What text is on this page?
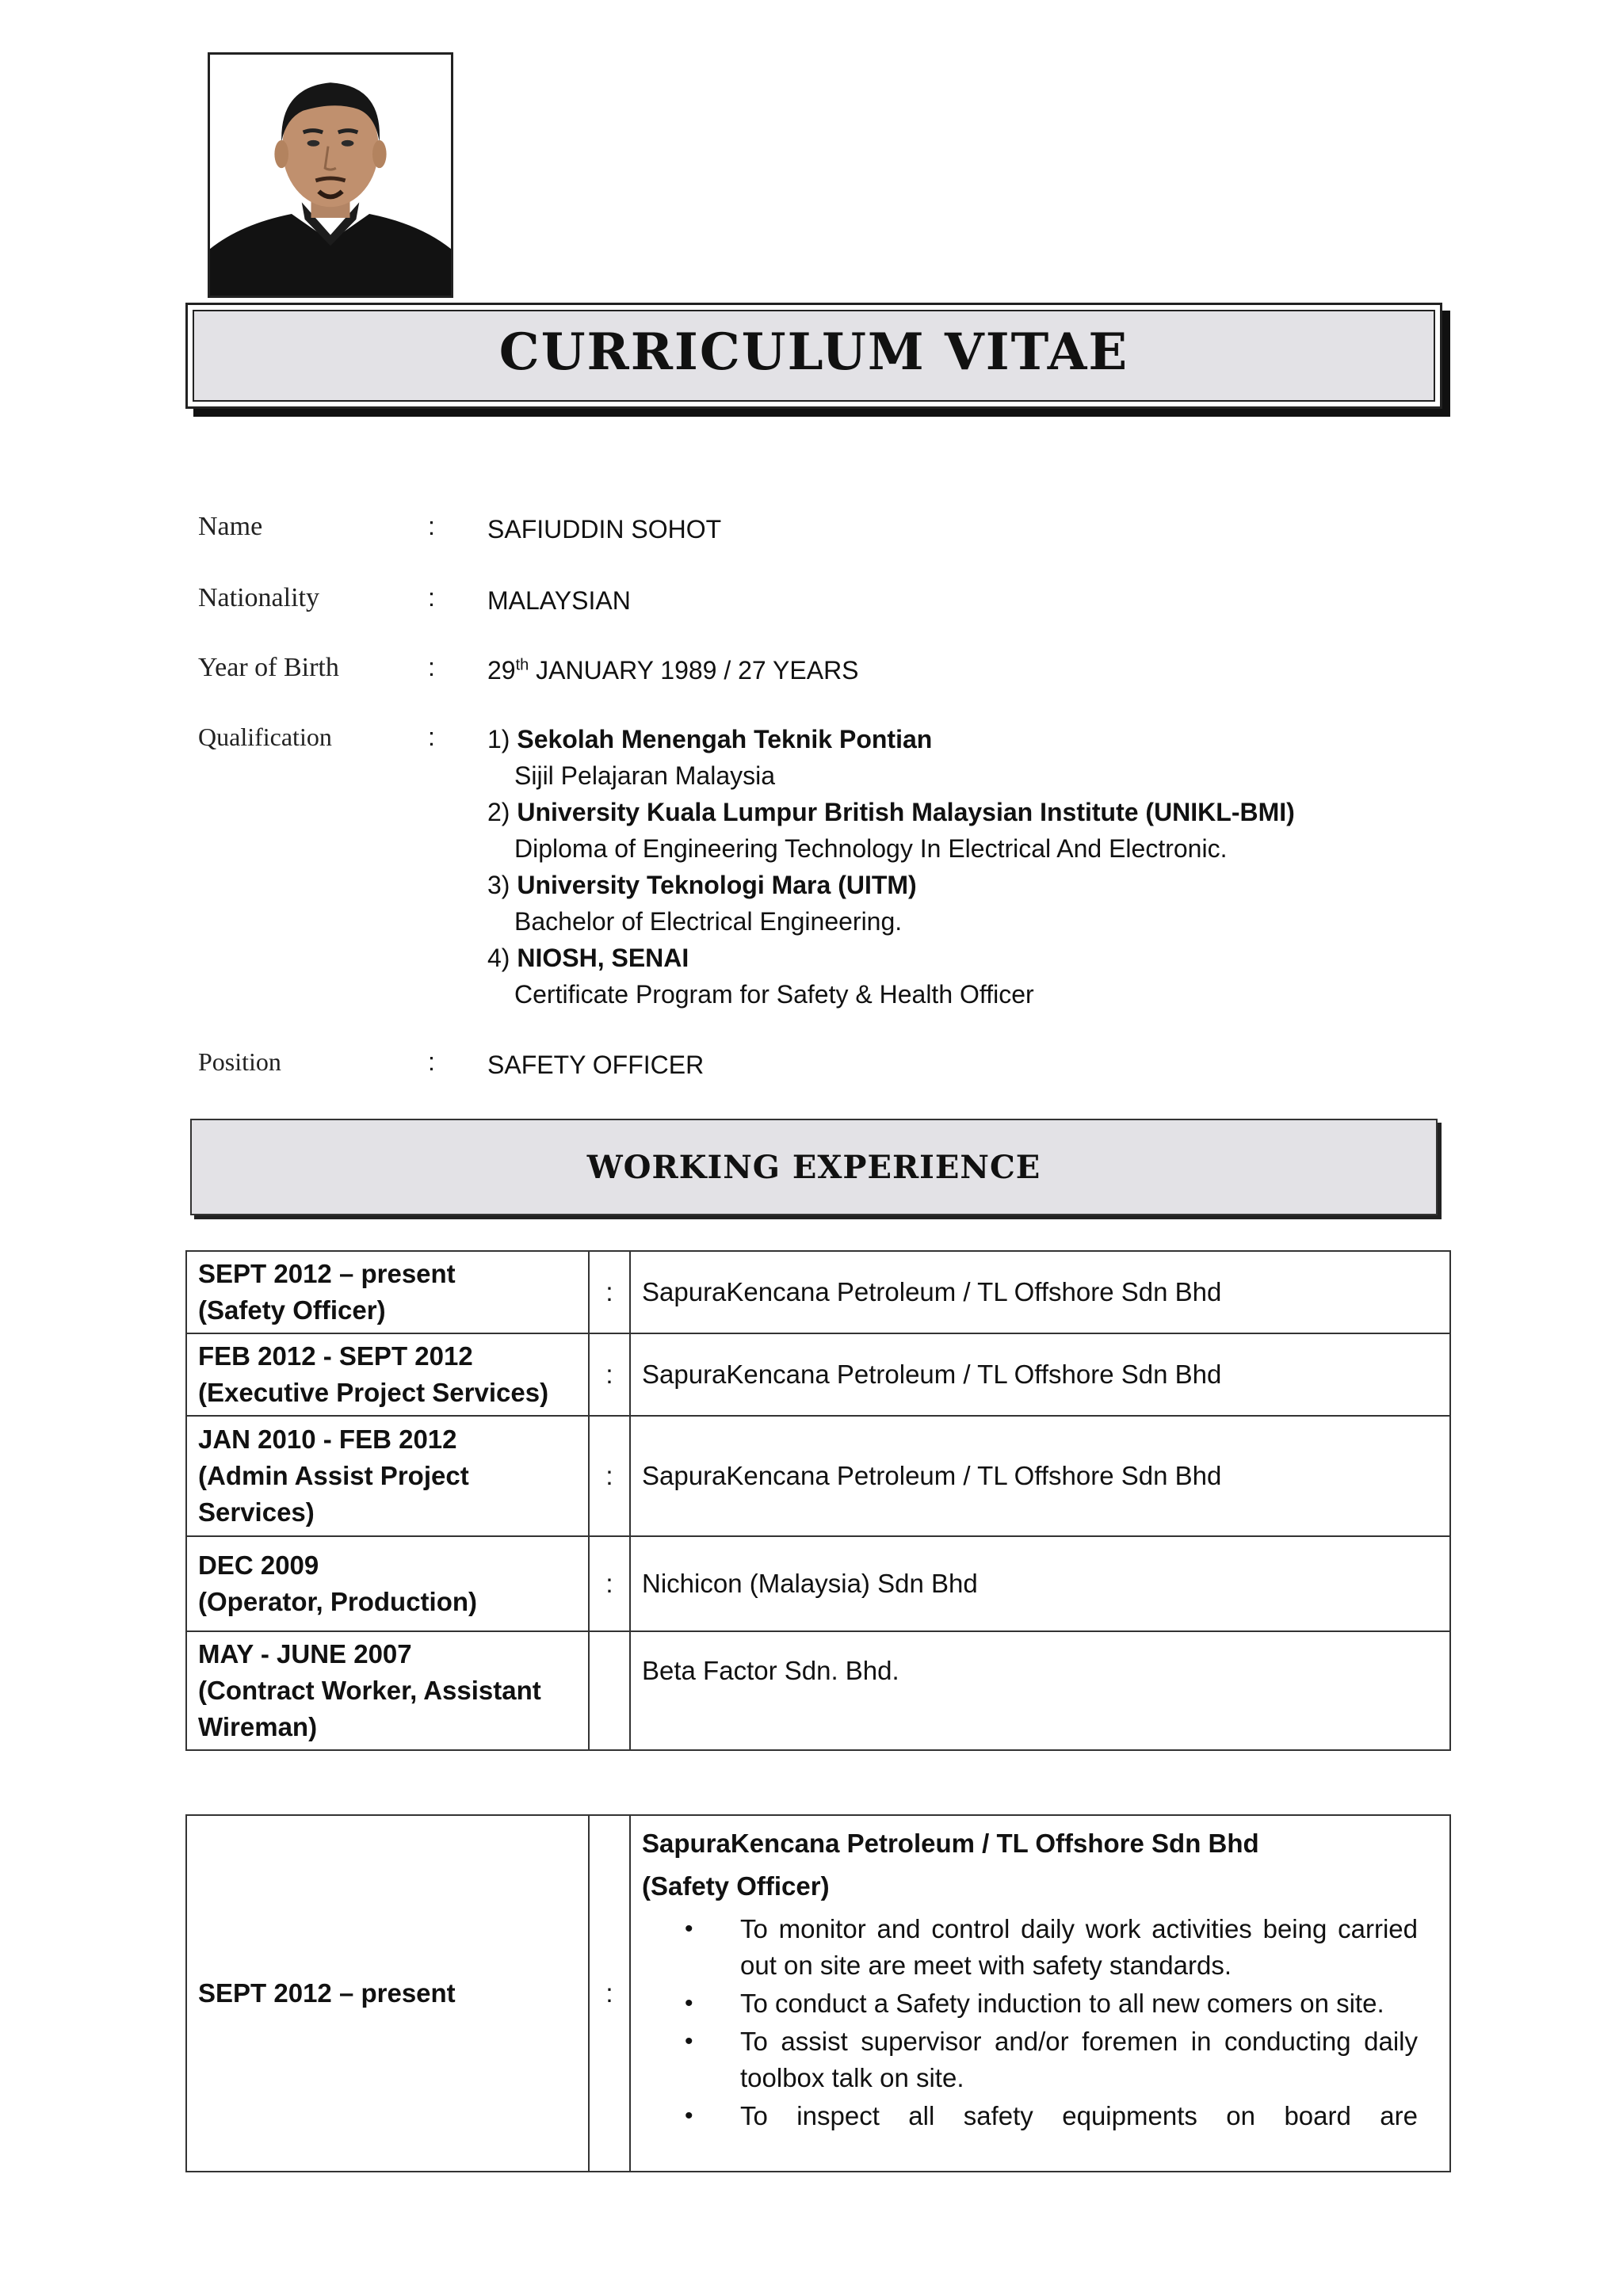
CURRICULUM VITAE
Name	: SAFIUDDIN SOHOT
Nationality	: MALAYSIAN
Year of Birth	: 29th JANUARY 1989 / 27 YEARS
Qualification	: 1) Sekolah Menengah Teknik Pontian
Sijil Pelajaran Malaysia
2) University Kuala Lumpur British Malaysian Institute (UNIKL-BMI)
Diploma of Engineering Technology In Electrical And Electronic.
3) University Teknologi Mara (UITM)
Bachelor of Electrical Engineering.
4) NIOSH, SENAI
Certificate Program for Safety & Health Officer
Position	: SAFETY OFFICER
WORKING EXPERIENCE
SEPT 2012 – present
(Safety Officer)	:	SapuraKencana Petroleum / TL Offshore Sdn Bhd

FEB 2012 - SEPT 2012
(Executive Project Services)	:	SapuraKencana Petroleum / TL Offshore Sdn Bhd

JAN 2010 - FEB 2012
(Admin Assist Project Services)	:	SapuraKencana Petroleum / TL Offshore Sdn Bhd

DEC 2009
(Operator, Production)	:	Nichicon (Malaysia) Sdn Bhd

MAY - JUNE 2007
(Contract Worker, Assistant Wireman)		Beta Factor Sdn. Bhd.
SEPT 2012 – present	:	
SapuraKencana Petroleum / TL Offshore Sdn Bhd
(Safety Officer)
• To monitor and control daily work activities being carried out on site are meet with safety standards.
• To conduct a Safety induction to all new comers on site.
• To assist supervisor and/or foremen in conducting daily toolbox talk on site.
• To inspect all safety equipments on board are
